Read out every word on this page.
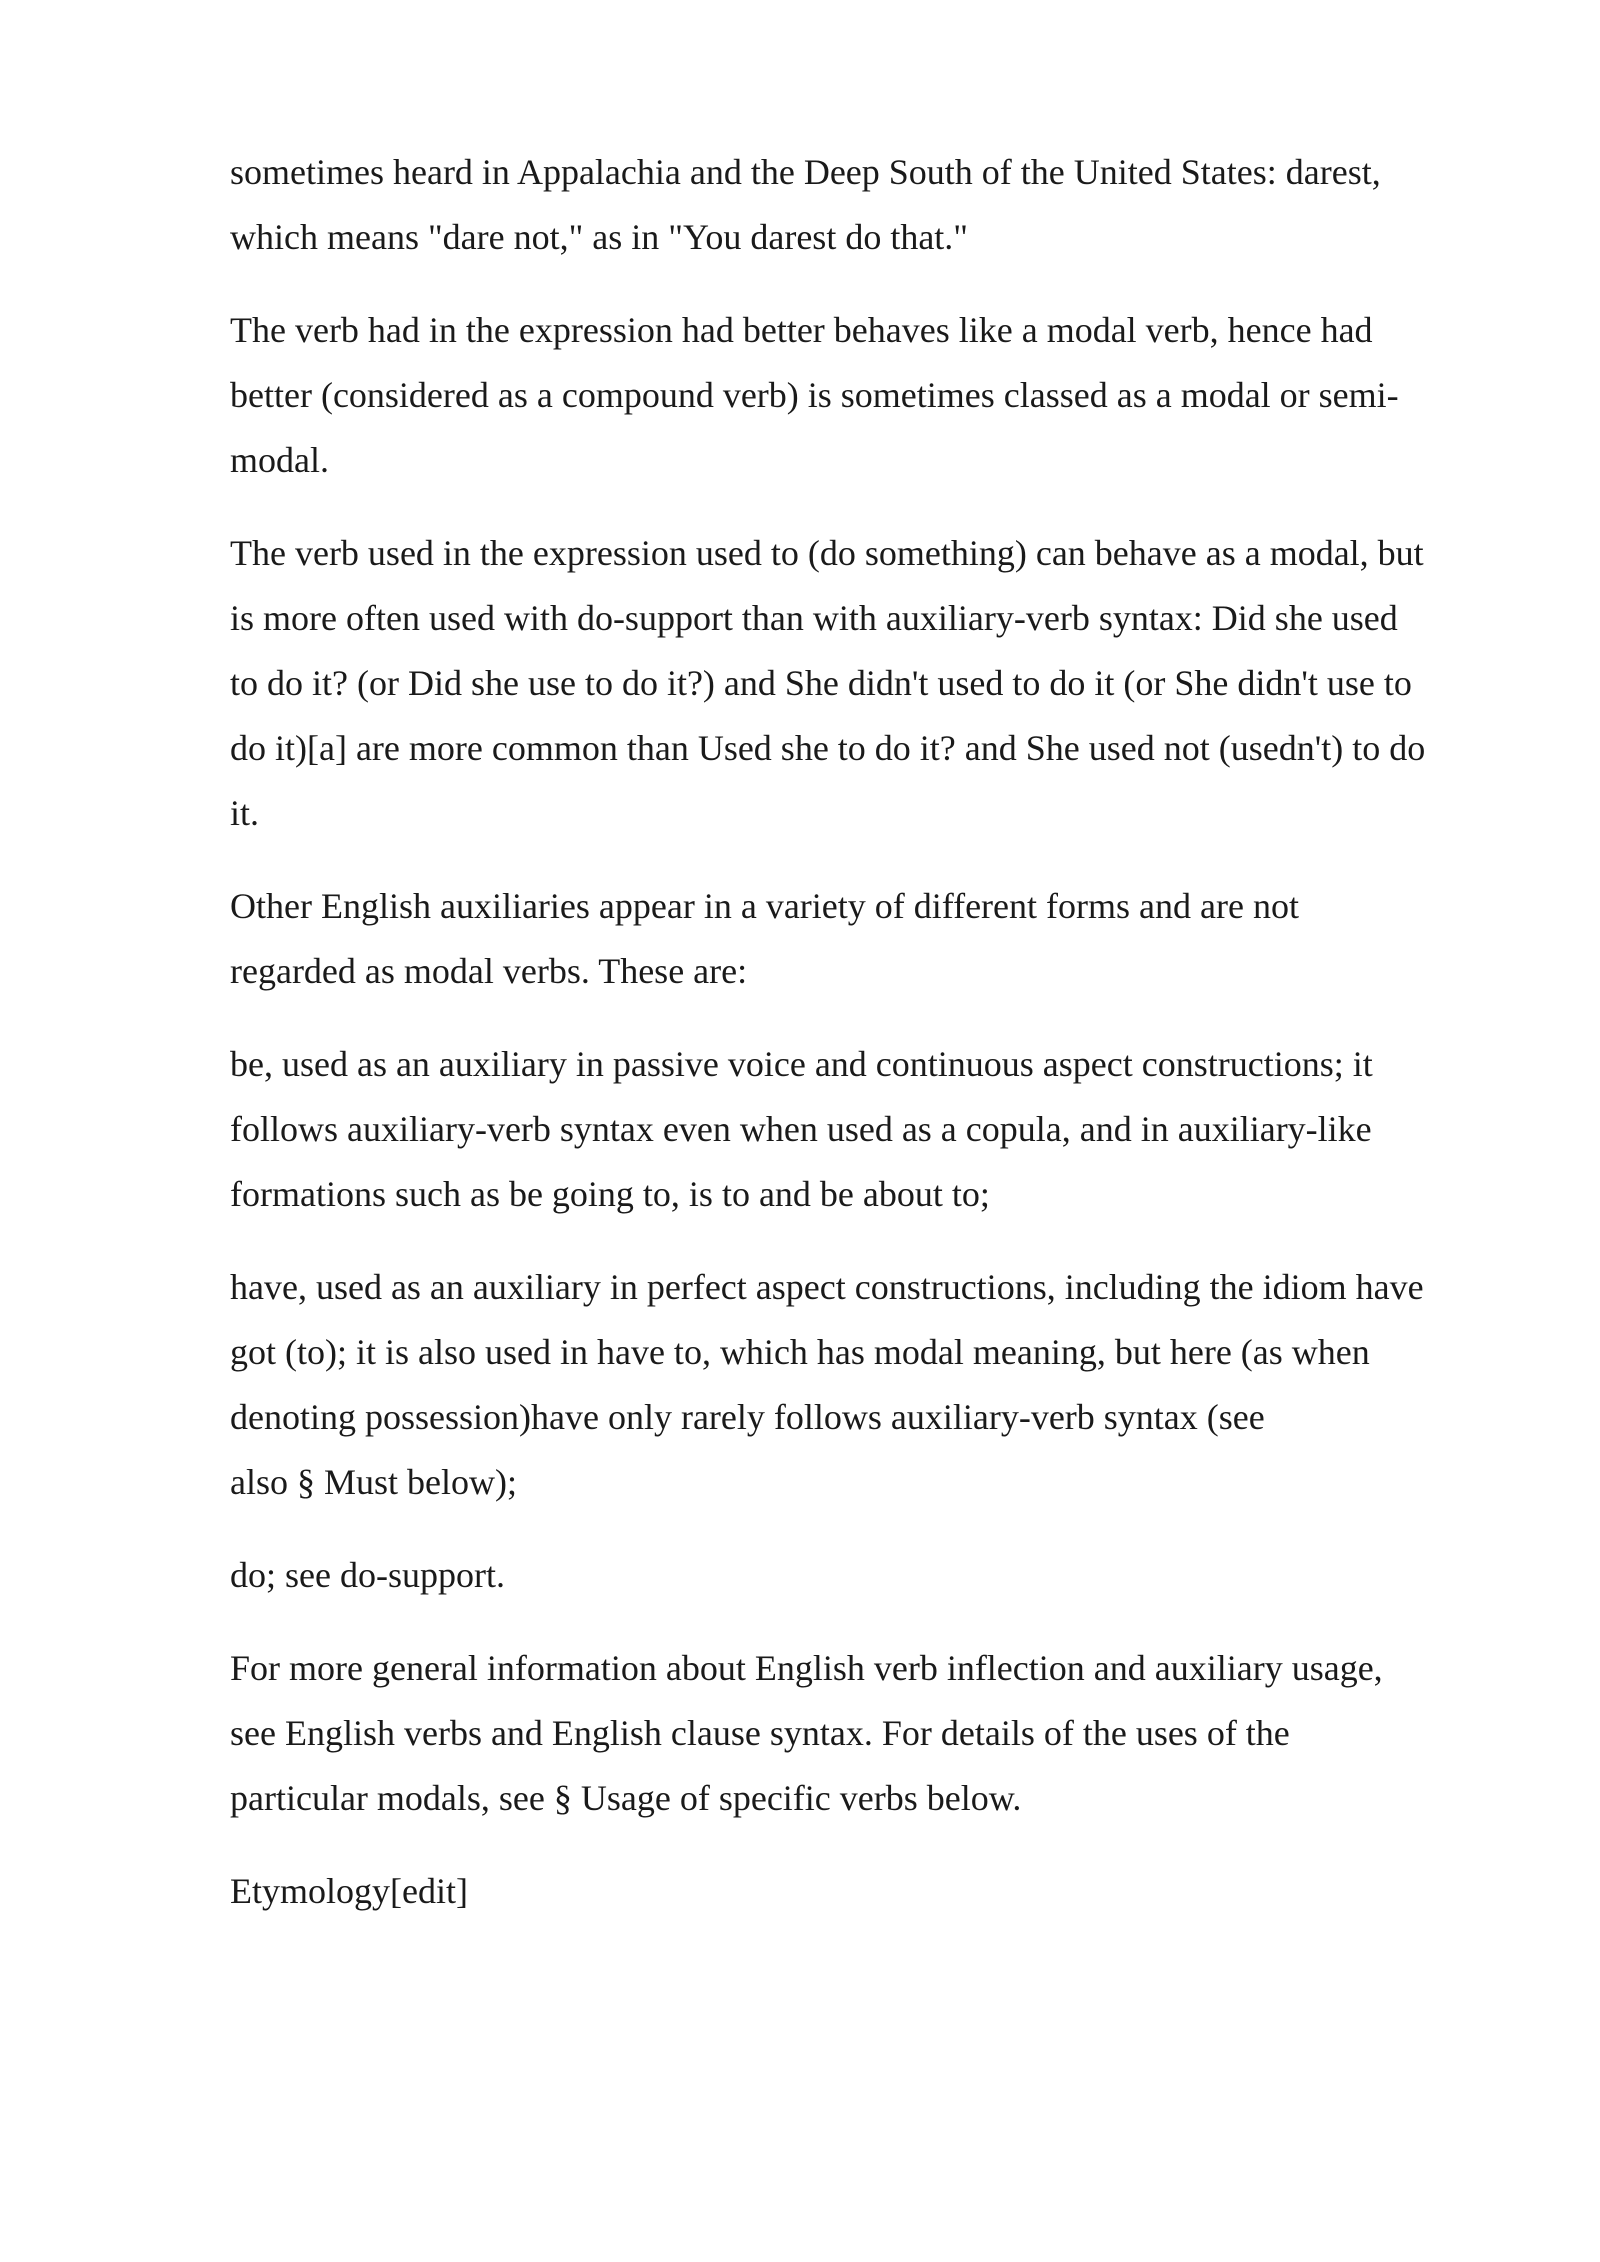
sometimes heard in Appalachia and the Deep South of the United States: darest,
which means "dare not," as in "You darest do that."

The verb had in the expression had better behaves like a modal verb, hence had
better (considered as a compound verb) is sometimes classed as a modal or semi-
modal.

The verb used in the expression used to (do something) can behave as a modal, but
is more often used with do-support than with auxiliary-verb syntax: Did she used
to do it? (or Did she use to do it?) and She didn't used to do it (or She didn't use to
do it)[a] are more common than Used she to do it? and She used not (usedn't) to do
it.

Other English auxiliaries appear in a variety of different forms and are not
regarded as modal verbs. These are:

be, used as an auxiliary in passive voice and continuous aspect constructions; it
follows auxiliary-verb syntax even when used as a copula, and in auxiliary-like
formations such as be going to, is to and be about to;

have, used as an auxiliary in perfect aspect constructions, including the idiom have
got (to); it is also used in have to, which has modal meaning, but here (as when
denoting possession)have only rarely follows auxiliary-verb syntax (see
also § Must below);

do; see do-support.

For more general information about English verb inflection and auxiliary usage,
see English verbs and English clause syntax. For details of the uses of the
particular modals, see § Usage of specific verbs below.

Etymology[edit]
